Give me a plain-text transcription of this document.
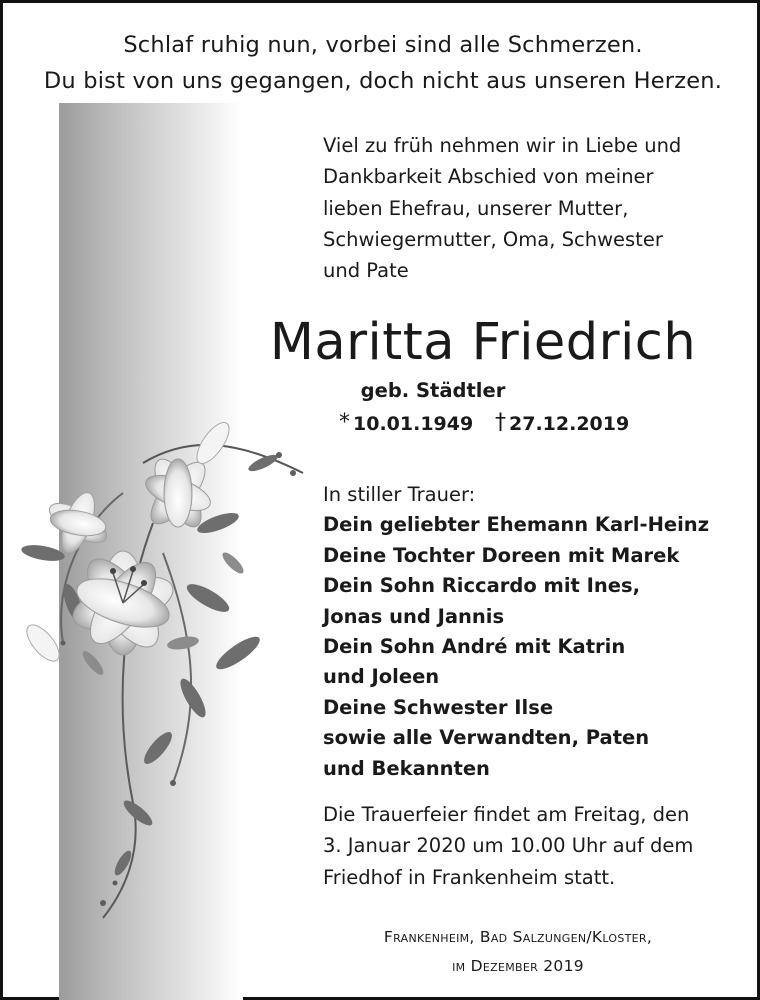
Schlaf ruhig nun, vorbei sind alle Schmerzen.
Du bist von uns gegangen, doch nicht aus unseren Herzen.
Viel zu früh nehmen wir in Liebe und
Dankbarkeit Abschied von meiner
lieben Ehefrau, unserer Mutter,
Schwiegermutter, Oma, Schwester
und Pate
Maritta Friedrich
geb. Städtler
* 10.01.1949 † 27.12.2019
In stiller Trauer:
Dein geliebter Ehemann Karl-Heinz
Deine Tochter Doreen mit Marek
Dein Sohn Riccardo mit Ines,
Jonas und Jannis
Dein Sohn André mit Katrin
und Joleen
Deine Schwester Ilse
sowie alle Verwandten, Paten
und Bekannten
Die Trauerfeier findet am Freitag, den
3. Januar 2020 um 10.00 Uhr auf dem
Friedhof in Frankenheim statt.
Frankenheim, Bad Salzungen/Kloster,
im Dezember 2019
